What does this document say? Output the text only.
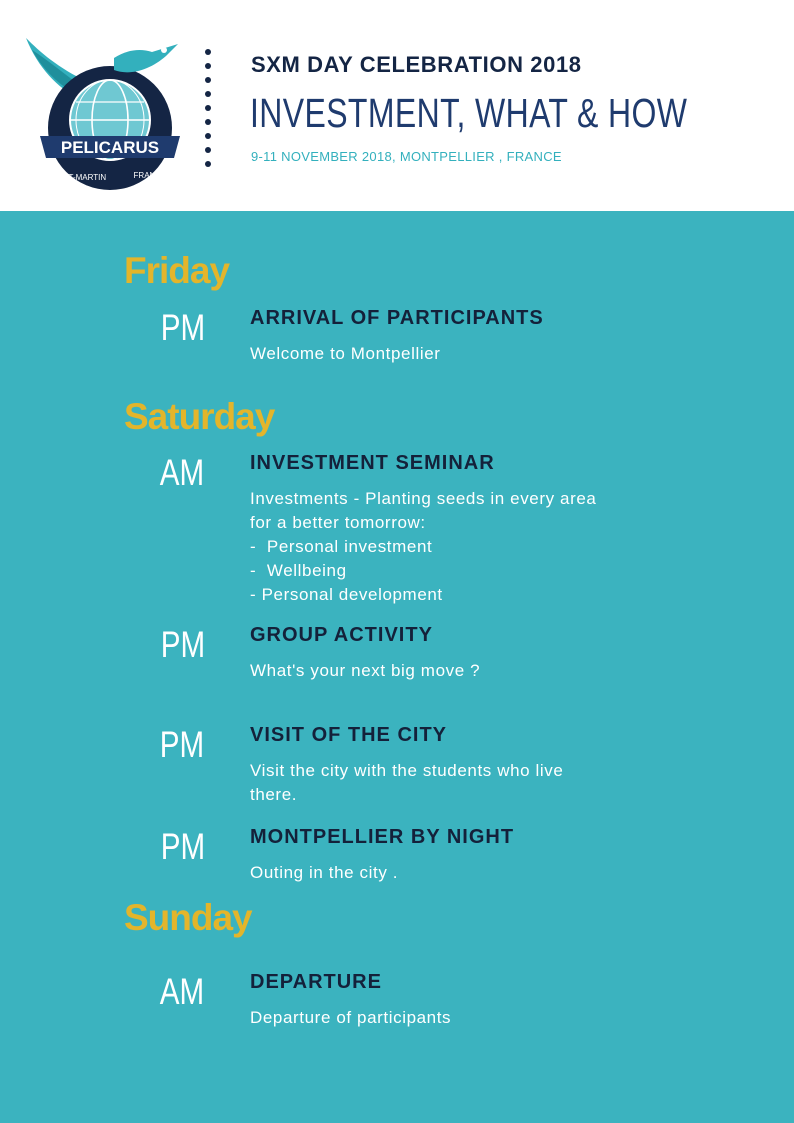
PELICARUS
SAINT-MARTIN	FRANCE
SXM DAY CELEBRATION 2018
INVESTMENT, WHAT & HOW
9-11 NOVEMBER 2018, MONTPELLIER , FRANCE
Friday
PM ARRIVAL OF PARTICIPANTS
Welcome to Montpellier
Saturday
AM INVESTMENT SEMINAR
Investments - Planting seeds in every area
for a better tomorrow:
-  Personal investment
-  Wellbeing
- Personal development
PM GROUP ACTIVITY
What's your next big move ?
PM VISIT OF THE CITY
Visit the city with the students who live
there.
PM MONTPELLIER BY NIGHT
Outing in the city .
Sunday
AM DEPARTURE
Departure of participants
